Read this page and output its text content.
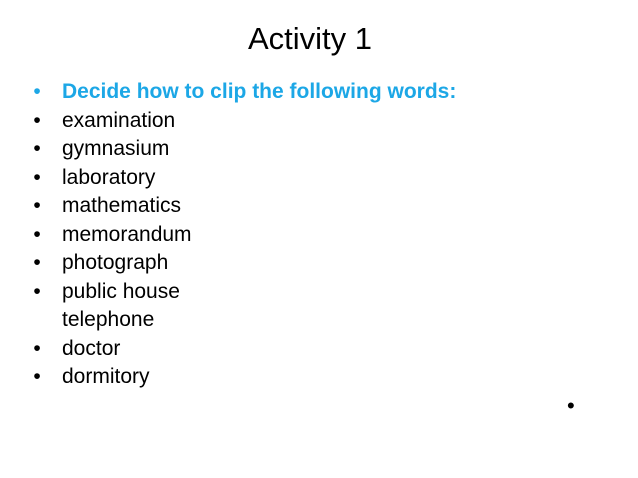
Activity 1
• Decide how to clip the following words:
• examination
• gymnasium
• laboratory
• mathematics
• memorandum
• photograph
• public house
telephone
• doctor
• dormitory
•
